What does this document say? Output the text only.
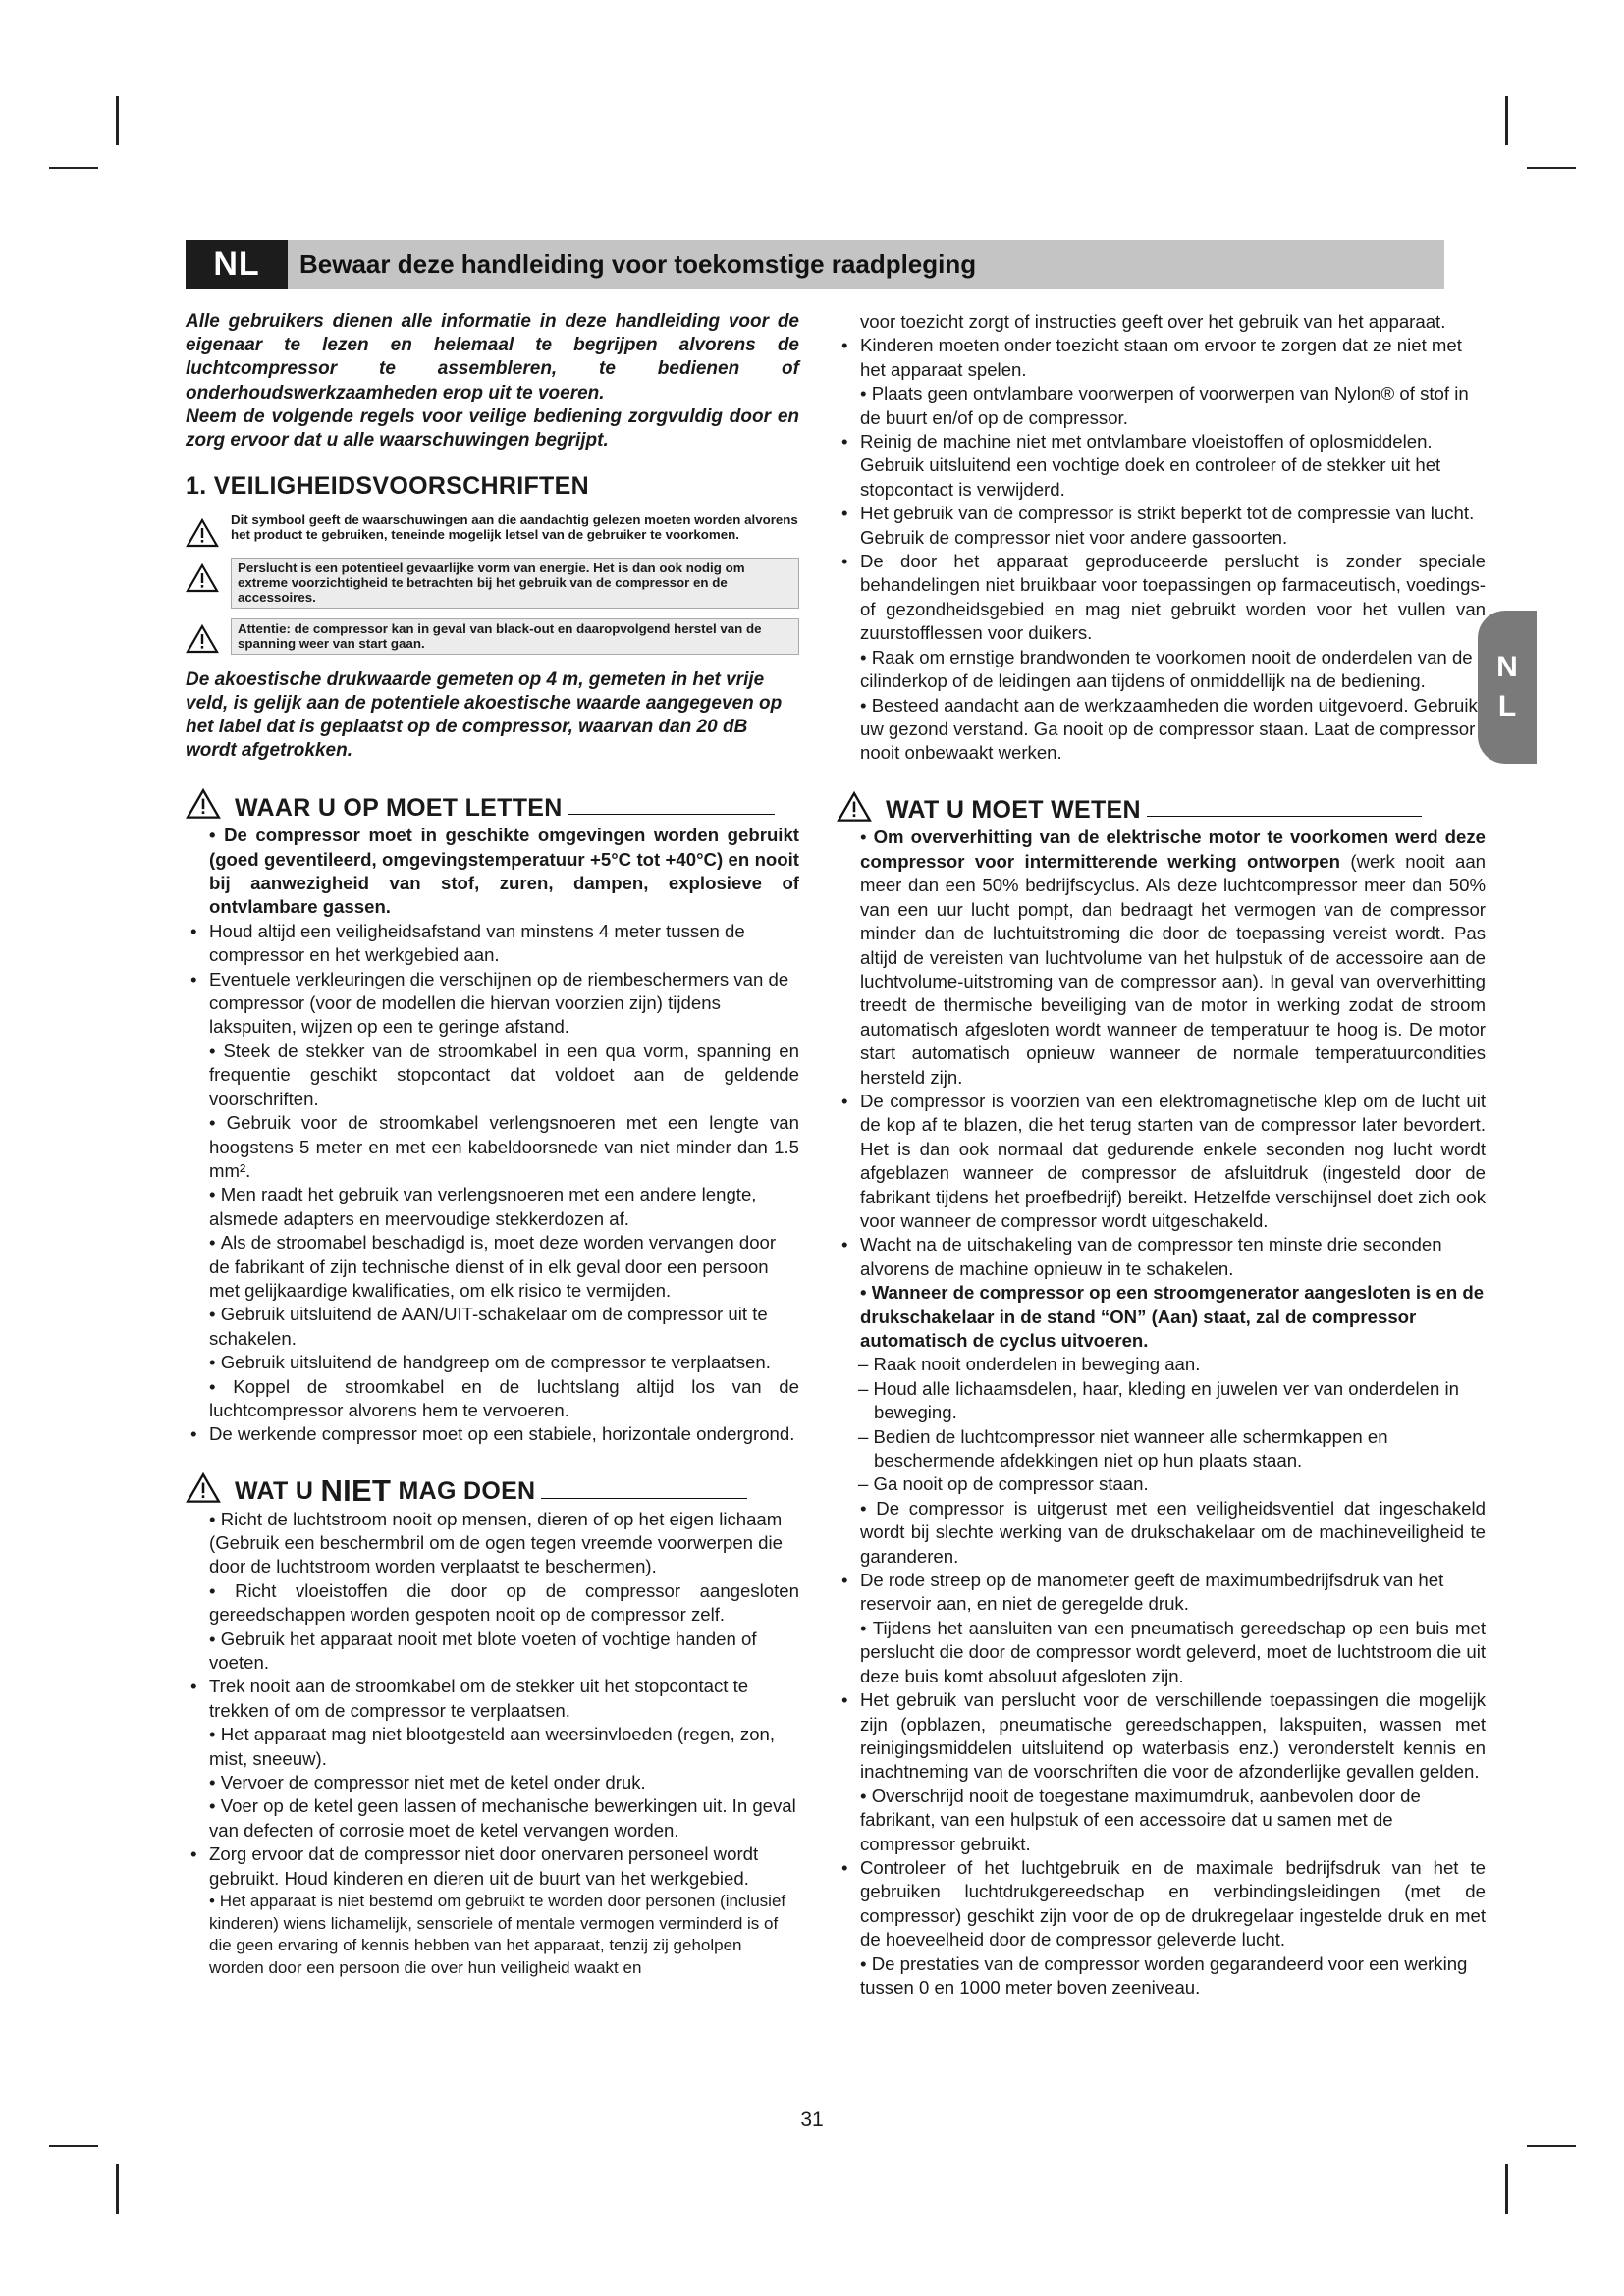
NL	Bewaar deze handleiding voor toekomstige raadpleging
N
L

Alle gebruikers dienen alle informatie in deze handleiding voor de eigenaar te lezen en helemaal te begrijpen alvorens de luchtcompressor te assembleren, te bedienen of onderhoudswerkzaamheden erop uit te voeren.

Neem de volgende regels voor veilige bediening zorgvuldig door en zorg ervoor dat u alle waarschuwingen begrijpt.

1. VEILIGHEIDSVOORSCHRIFTEN
Dit symbool geeft de waarschuwingen aan die aandachtig gelezen moeten worden alvorens het product te gebruiken, teneinde mogelijk letsel van de gebruiker te voorkomen.
Perslucht is een potentieel gevaarlijke vorm van energie. Het is dan ook nodig om extreme voorzichtigheid te betrachten bij het gebruik van de compressor en de accessoires.
Attentie: de compressor kan in geval van black-out en daaropvolgend herstel van de spanning weer van start gaan.

De akoestische drukwaarde gemeten op 4 m, gemeten in het vrije veld, is gelijk aan de potentiele akoestische waarde aangegeven op het label dat is geplaatst op de compressor, waarvan dan 20 dB wordt afgetrokken.

WAAR U OP MOET LETTEN

• De compressor moet in geschikte omgevingen worden gebruikt (goed geventileerd, omgevingstemperatuur +5°C tot +40°C) en nooit bij aanwezigheid van stof, zuren, dampen, explosieve of ontvlambare gassen.

• Houd altijd een veiligheidsafstand van minstens 4 meter tussen de compressor en het werkgebied aan.

• Eventuele verkleuringen die verschijnen op de riembeschermers van de compressor (voor de modellen die hiervan voorzien zijn) tijdens lakspuiten, wijzen op een te geringe afstand.

• Steek de stekker van de stroomkabel in een qua vorm, spanning en frequentie geschikt stopcontact dat voldoet aan de geldende voorschriften.

• Gebruik voor de stroomkabel verlengsnoeren met een lengte van hoogstens 5 meter en met een kabeldoorsnede van niet minder dan 1.5 mm².

• Men raadt het gebruik van verlengsnoeren met een andere lengte, alsmede adapters en meervoudige stekkerdozen af.

• Als de stroomabel beschadigd is, moet deze worden vervangen door de fabrikant of zijn technische dienst of in elk geval door een persoon met gelijkaardige kwalificaties, om elk risico te vermijden.

• Gebruik uitsluitend de AAN/UIT-schakelaar om de compressor uit te schakelen.

• Gebruik uitsluitend de handgreep om de compressor te verplaatsen.

• Koppel de stroomkabel en de luchtslang altijd los van de luchtcompressor alvorens hem te vervoeren.

• De werkende compressor moet op een stabiele, horizontale ondergrond.

WAT U NIET MAG DOEN

• Richt de luchtstroom nooit op mensen, dieren of op het eigen lichaam (Gebruik een beschermbril om de ogen tegen vreemde voorwerpen die door de luchtstroom worden verplaatst te beschermen).

• Richt vloeistoffen die door op de compressor aangesloten gereedschappen worden gespoten nooit op de compressor zelf.

• Gebruik het apparaat nooit met blote voeten of vochtige handen of voeten.

• Trek nooit aan de stroomkabel om de stekker uit het stopcontact te trekken of om de compressor te verplaatsen.

• Het apparaat mag niet blootgesteld aan weersinvloeden (regen, zon, mist, sneeuw).

• Vervoer de compressor niet met de ketel onder druk.

• Voer op de ketel geen lassen of mechanische bewerkingen uit. In geval van defecten of corrosie moet de ketel vervangen worden.

• Zorg ervoor dat de compressor niet door onervaren personeel wordt gebruikt. Houd kinderen en dieren uit de buurt van het werkgebied.

• Het apparaat is niet bestemd om gebruikt te worden door personen (inclusief kinderen) wiens lichamelijk, sensoriele of mentale vermogen verminderd is of die geen ervaring of kennis hebben van het apparaat, tenzij zij geholpen worden door een persoon die over hun veiligheid waakt en

voor toezicht zorgt of instructies geeft over het gebruik van het apparaat.

• Kinderen moeten onder toezicht staan om ervoor te zorgen dat ze niet met het apparaat spelen.

• Plaats geen ontvlambare voorwerpen of voorwerpen van Nylon® of stof in de buurt en/of op de compressor.

• Reinig de machine niet met ontvlambare vloeistoffen of oplosmiddelen. Gebruik uitsluitend een vochtige doek en controleer of de stekker uit het stopcontact is verwijderd.

• Het gebruik van de compressor is strikt beperkt tot de compressie van lucht. Gebruik de compressor niet voor andere gassoorten.

• De door het apparaat geproduceerde perslucht is zonder speciale behandelingen niet bruikbaar voor toepassingen op farmaceutisch, voedings- of gezondheidsgebied en mag niet gebruikt worden voor het vullen van zuurstofflessen voor duikers.

• Raak om ernstige brandwonden te voorkomen nooit de onderdelen van de cilinderkop of de leidingen aan tijdens of onmiddellijk na de bediening.

• Besteed aandacht aan de werkzaamheden die worden uitgevoerd. Gebruik uw gezond verstand. Ga nooit op de compressor staan. Laat de compressor nooit onbewaakt werken.

WAT U MOET WETEN

• Om oververhitting van de elektrische motor te voorkomen werd deze compressor voor intermitterende werking ontworpen (werk nooit aan meer dan een 50% bedrijfscyclus. Als deze luchtcompressor meer dan 50% van een uur lucht pompt, dan bedraagt het vermogen van de compressor minder dan de luchtuitstroming die door de toepassing vereist wordt. Pas altijd de vereisten van luchtvolume van het hulpstuk of de accessoire aan de luchtvolume-uitstroming van de compressor aan). In geval van oververhitting treedt de thermische beveiliging van de motor in werking zodat de stroom automatisch afgesloten wordt wanneer de temperatuur te hoog is. De motor start automatisch opnieuw wanneer de normale temperatuurcondities hersteld zijn.

• De compressor is voorzien van een elektromagnetische klep om de lucht uit de kop af te blazen, die het terug starten van de compressor later bevordert. Het is dan ook normaal dat gedurende enkele seconden nog lucht wordt afgeblazen wanneer de compressor de afsluitdruk (ingesteld door de fabrikant tijdens het proefbedrijf) bereikt. Hetzelfde verschijnsel doet zich ook voor wanneer de compressor wordt uitgeschakeld.

• Wacht na de uitschakeling van de compressor ten minste drie seconden alvorens de machine opnieuw in te schakelen.

• Wanneer de compressor op een stroomgenerator aangesloten is en de drukschakelaar in de stand “ON” (Aan) staat, zal de compressor automatisch de cyclus uitvoeren.

– Raak nooit onderdelen in beweging aan.

– Houd alle lichaamsdelen, haar, kleding en juwelen ver van onderdelen in beweging.

– Bedien de luchtcompressor niet wanneer alle schermkappen en beschermende afdekkingen niet op hun plaats staan.

– Ga nooit op de compressor staan.

• De compressor is uitgerust met een veiligheidsventiel dat ingeschakeld wordt bij slechte werking van de drukschakelaar om de machineveiligheid te garanderen.

• De rode streep op de manometer geeft de maximumbedrijfsdruk van het reservoir aan, en niet de geregelde druk.

• Tijdens het aansluiten van een pneumatisch gereedschap op een buis met perslucht die door de compressor wordt geleverd, moet de luchtstroom die uit deze buis komt absoluut afgesloten zijn.

• Het gebruik van perslucht voor de verschillende toepassingen die mogelijk zijn (opblazen, pneumatische gereedschappen, lakspuiten, wassen met reinigingsmiddelen uitsluitend op waterbasis enz.) veronderstelt kennis en inachtneming van de voorschriften die voor de afzonderlijke gevallen gelden.

• Overschrijd nooit de toegestane maximumdruk, aanbevolen door de fabrikant, van een hulpstuk of een accessoire dat u samen met de compressor gebruikt.

• Controleer of het luchtgebruik en de maximale bedrijfsdruk van het te gebruiken luchtdrukgereedschap en verbindingsleidingen (met de compressor) geschikt zijn voor de op de drukregelaar ingestelde druk en met de hoeveelheid door de compressor geleverde lucht.

• De prestaties van de compressor worden gegarandeerd voor een werking tussen 0 en 1000 meter boven zeeniveau.

31
